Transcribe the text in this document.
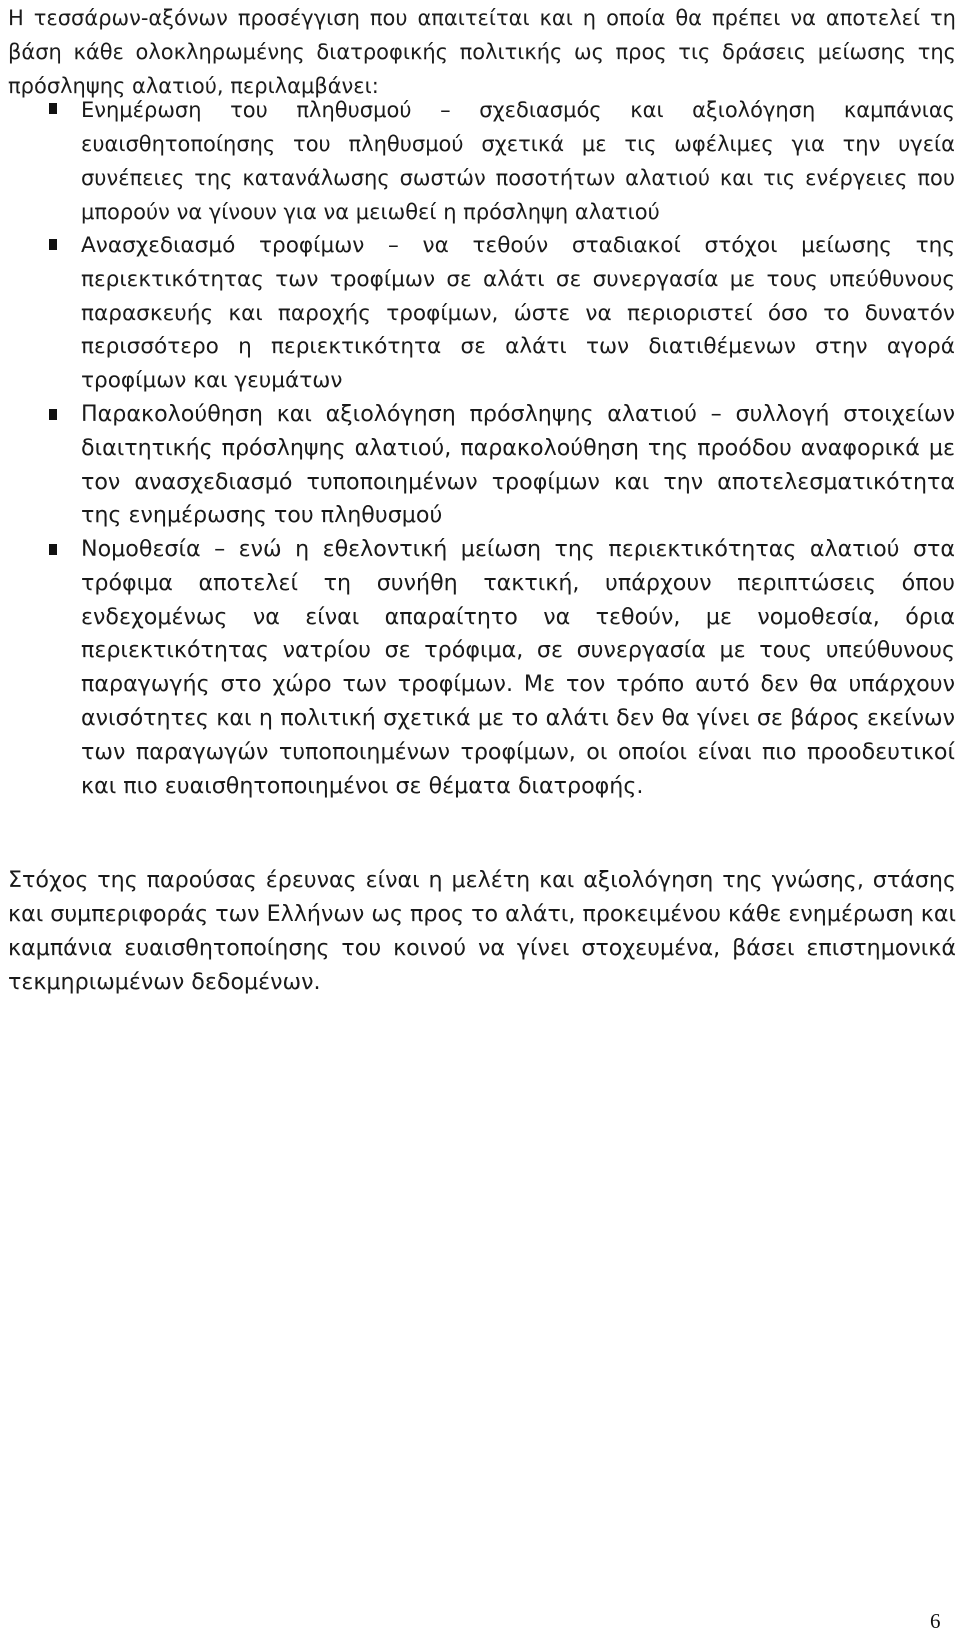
Η τεσσάρων-αξόνων προσέγγιση που απαιτείται και η οποία θα πρέπει να αποτελεί τη βάση κάθε ολοκληρωμένης διατροφικής πολιτικής ως προς τις δράσεις μείωσης της πρόσληψης αλατιού, περιλαμβάνει:

Ενημέρωση του πληθυσμού – σχεδιασμός και αξιολόγηση καμπάνιας ευαισθητοποίησης του πληθυσμού σχετικά με τις ωφέλιμες για την υγεία συνέπειες της κατανάλωσης σωστών ποσοτήτων αλατιού και τις ενέργειες που μπορούν να γίνουν για να μειωθεί η πρόσληψη αλατιού
Ανασχεδιασμό τροφίμων – να τεθούν σταδιακοί στόχοι μείωσης της περιεκτικότητας των τροφίμων σε αλάτι σε συνεργασία με τους υπεύθυνους παρασκευής και παροχής τροφίμων, ώστε να περιοριστεί όσο το δυνατόν περισσότερο η περιεκτικότητα σε αλάτι των διατιθέμενων στην αγορά τροφίμων και γευμάτων
Παρακολούθηση και αξιολόγηση πρόσληψης αλατιού – συλλογή στοιχείων διαιτητικής πρόσληψης αλατιού, παρακολούθηση της προόδου αναφορικά με τον ανασχεδιασμό τυποποιημένων τροφίμων και την αποτελεσματικότητα της ενημέρωσης του πληθυσμού
Νομοθεσία – ενώ η εθελοντική μείωση της περιεκτικότητας αλατιού στα τρόφιμα αποτελεί τη συνήθη τακτική, υπάρχουν περιπτώσεις όπου ενδεχομένως να είναι απαραίτητο να τεθούν, με νομοθεσία, όρια περιεκτικότητας νατρίου σε τρόφιμα, σε συνεργασία με τους υπεύθυνους παραγωγής στο χώρο των τροφίμων. Με τον τρόπο αυτό δεν θα υπάρχουν ανισότητες και η πολιτική σχετικά με το αλάτι δεν θα γίνει σε βάρος εκείνων των παραγωγών τυποποιημένων τροφίμων, οι οποίοι είναι πιο προοδευτικοί και πιο ευαισθητοποιημένοι σε θέματα διατροφής.

Στόχος της παρούσας έρευνας είναι η μελέτη και αξιολόγηση της γνώσης, στάσης και συμπεριφοράς των Ελλήνων ως προς το αλάτι, προκειμένου κάθε ενημέρωση και καμπάνια ευαισθητοποίησης του κοινού να γίνει στοχευμένα, βάσει επιστημονικά τεκμηριωμένων δεδομένων.

6
